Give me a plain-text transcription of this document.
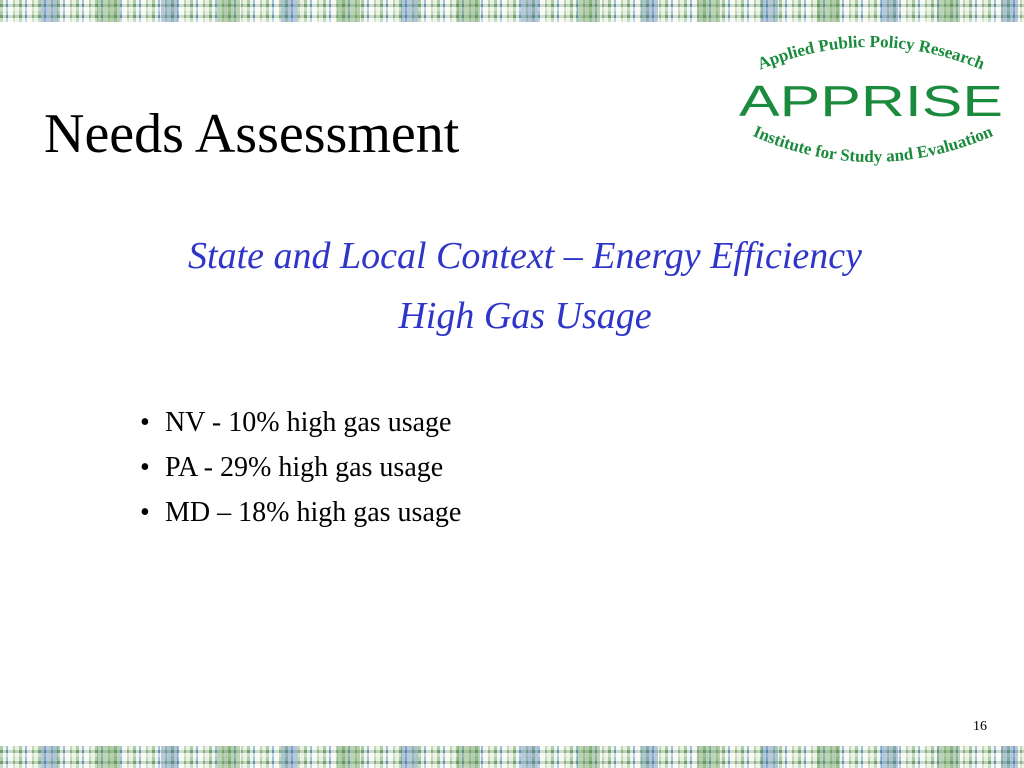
Needs Assessment
Applied Public Policy Research
APPRISE
Institute for Study and Evaluation
State and Local Context – Energy Efficiency
High Gas Usage
• NV - 10% high gas usage
• PA - 29% high gas usage
• MD – 18% high gas usage
16
